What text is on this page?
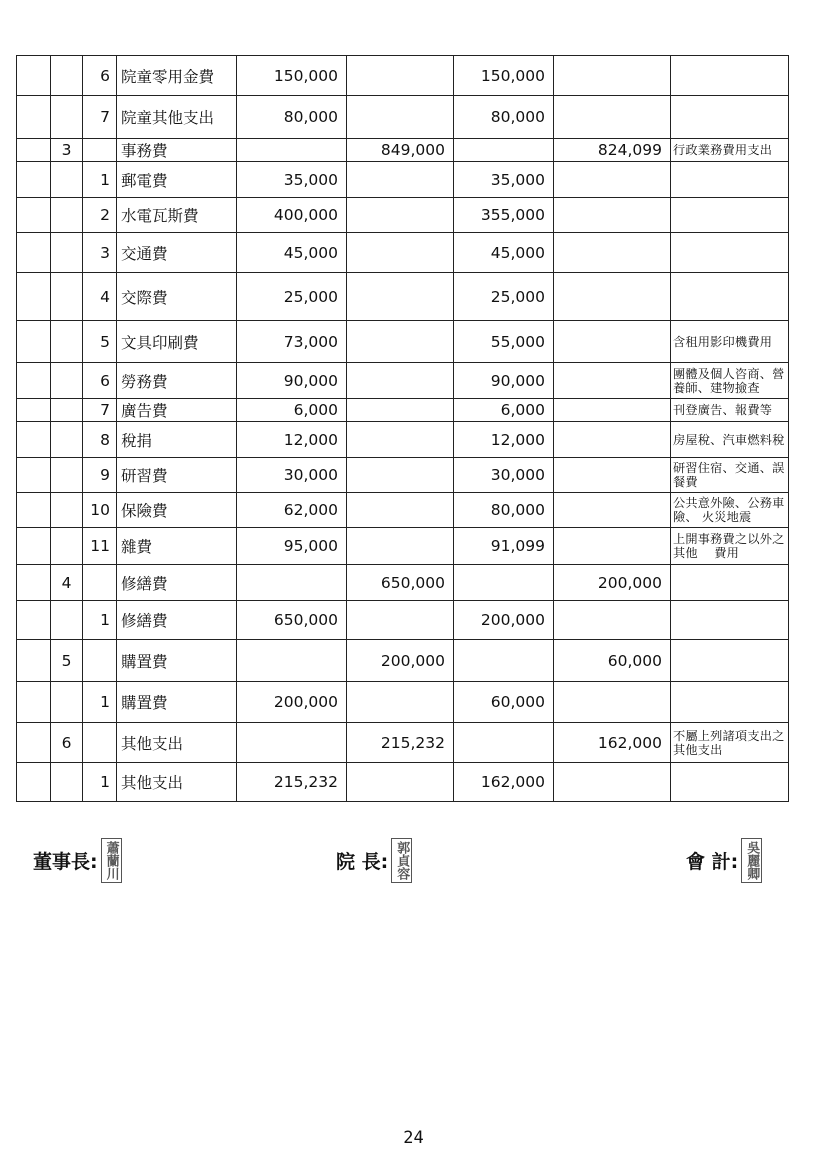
		6	院童零用金費	150,000		150,000		
		7	院童其他支出	80,000		80,000		
	3		事務費		849,000		824,099	行政業務費用支出
		1	郵電費	35,000		35,000		
		2	水電瓦斯費	400,000		355,000		
		3	交通費	45,000		45,000		
		4	交際費	25,000		25,000		
		5	文具印刷費	73,000		55,000		含租用影印機費用
		6	勞務費	90,000		90,000		團體及個人咨商、營養師、建物撿查
		7	廣告費	6,000		6,000		刊登廣告、報費等
		8	稅捐	12,000		12,000		房屋稅、汽車燃料稅
		9	研習費	30,000		30,000		研習住宿、交通、誤餐費
		10	保險費	62,000		80,000		公共意外險、公務車險、 火災地震
		11	雜費	95,000		91,099		上開事務費之以外之其他　 費用
	4		修繕費		650,000		200,000	
		1	修繕費	650,000		200,000		
	5		購置費		200,000		60,000	
		1	購置費	200,000		60,000		
	6		其他支出		215,232		162,000	不屬上列諸項支出之其他支出
		1	其他支出	215,232		162,000		
董事長: 蕭蘭川	院 長: 郭貞容	會 計: 吳麗卿
24
